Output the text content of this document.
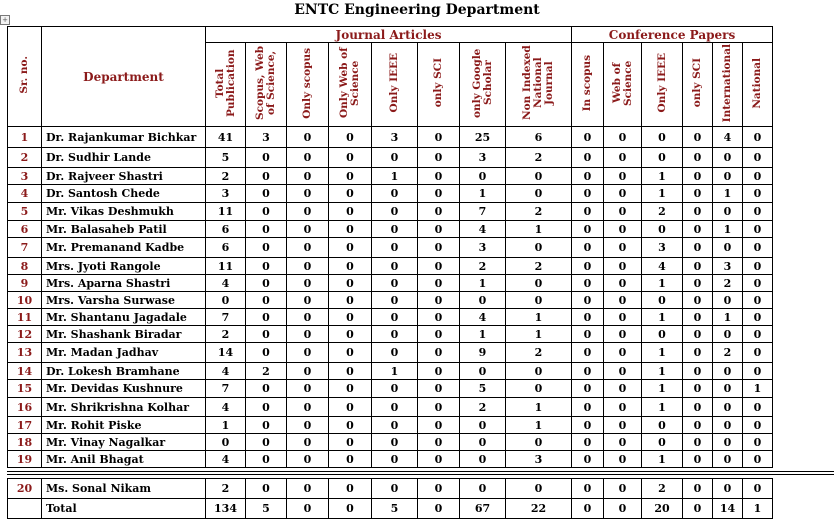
ENTC Engineering Department
+
Sr. no.	Department	Journal Articles								Conference Papers					
		Total Publication	Scopus, Web of Science,	Only scopus	Only Web of Science	Only IEEE	only SCI	only Google Scholar	Non Indexed National Journal	In scopus	Web of Science	Only IEEE	only SCI	International	National
1	Dr. Rajankumar Bichkar	41	3	0	0	3	0	25	6	0	0	0	0	4	0
2	Dr. Sudhir Lande	5	0	0	0	0	0	3	2	0	0	0	0	0	0
3	Dr. Rajveer Shastri	2	0	0	0	1	0	0	0	0	0	1	0	0	0
4	Dr. Santosh Chede	3	0	0	0	0	0	1	0	0	0	1	0	1	0
5	Mr. Vikas Deshmukh	11	0	0	0	0	0	7	2	0	0	2	0	0	0
6	Mr. Balasaheb Patil	6	0	0	0	0	0	4	1	0	0	0	0	1	0
7	Mr. Premanand Kadbe	6	0	0	0	0	0	3	0	0	0	3	0	0	0
8	Mrs. Jyoti Rangole	11	0	0	0	0	0	2	2	0	0	4	0	3	0
9	Mrs. Aparna Shastri	4	0	0	0	0	0	1	0	0	0	1	0	2	0
10	Mrs. Varsha Surwase	0	0	0	0	0	0	0	0	0	0	0	0	0	0
11	Mr. Shantanu Jagadale	7	0	0	0	0	0	4	1	0	0	1	0	1	0
12	Mr. Shashank Biradar	2	0	0	0	0	0	1	1	0	0	0	0	0	0
13	Mr. Madan Jadhav	14	0	0	0	0	0	9	2	0	0	1	0	2	0
14	Dr. Lokesh Bramhane	4	2	0	0	1	0	0	0	0	0	1	0	0	0
15	Mr. Devidas Kushnure	7	0	0	0	0	0	5	0	0	0	1	0	0	1
16	Mr. Shrikrishna Kolhar	4	0	0	0	0	0	2	1	0	0	1	0	0	0
17	Mr. Rohit Piske	1	0	0	0	0	0	0	1	0	0	0	0	0	0
18	Mr. Vinay Nagalkar	0	0	0	0	0	0	0	0	0	0	0	0	0	0
19	Mr. Anil Bhagat	4	0	0	0	0	0	0	3	0	0	1	0	0	0
20	Ms. Sonal Nikam	2	0	0	0	0	0	0	0	0	0	2	0	0	0
	Total	134	5	0	0	5	0	67	22	0	0	20	0	14	1
